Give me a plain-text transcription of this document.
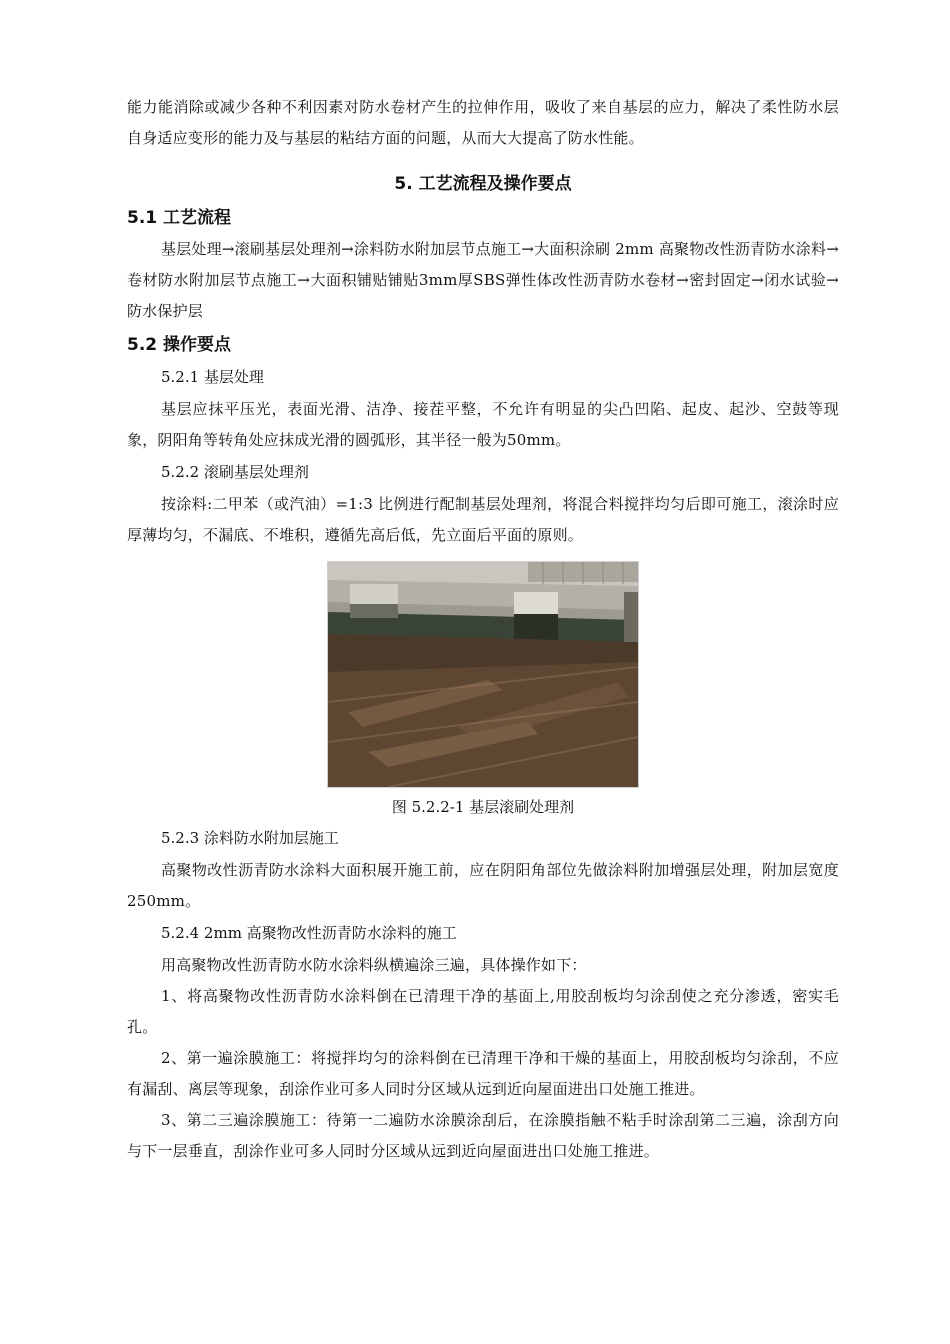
能力能消除或减少各种不利因素对防水卷材产生的拉伸作用，吸收了来自基层的应力，解决了柔性防水层自身适应变形的能力及与基层的粘结方面的问题，从而大大提高了防水性能。

5. 工艺流程及操作要点
5.1 工艺流程

基层处理→滚刷基层处理剂→涂料防水附加层节点施工→大面积涂刷 2mm 高聚物改性沥青防水涂料→卷材防水附加层节点施工→大面积铺贴铺贴3mm厚SBS弹性体改性沥青防水卷材→密封固定→闭水试验→防水保护层

5.2 操作要点
5.2.1 基层处理

基层应抹平压光，表面光滑、洁净、接茬平整，不允许有明显的尖凸凹陷、起皮、起沙、空鼓等现象，阴阳角等转角处应抹成光滑的圆弧形，其半径一般为50mm。

5.2.2 滚刷基层处理剂

按涂料:二甲苯（或汽油）=1:3 比例进行配制基层处理剂，将混合料搅拌均匀后即可施工，滚涂时应厚薄均匀，不漏底、不堆积，遵循先高后低，先立面后平面的原则。

图 5.2.2-1 基层滚刷处理剂
5.2.3 涂料防水附加层施工

高聚物改性沥青防水涂料大面积展开施工前，应在阴阳角部位先做涂料附加增强层处理，附加层宽度 250mm。

5.2.4 2mm 高聚物改性沥青防水涂料的施工

用高聚物改性沥青防水防水涂料纵横遍涂三遍，具体操作如下：

1、将高聚物改性沥青防水涂料倒在已清理干净的基面上,用胶刮板均匀涂刮使之充分渗透，密实毛孔。

2、第一遍涂膜施工：将搅拌均匀的涂料倒在已清理干净和干燥的基面上，用胶刮板均匀涂刮，不应有漏刮、离层等现象，刮涂作业可多人同时分区域从远到近向屋面进出口处施工推进。

3、第二三遍涂膜施工：待第一二遍防水涂膜涂刮后，在涂膜指触不粘手时涂刮第二三遍，涂刮方向与下一层垂直，刮涂作业可多人同时分区域从远到近向屋面进出口处施工推进。
